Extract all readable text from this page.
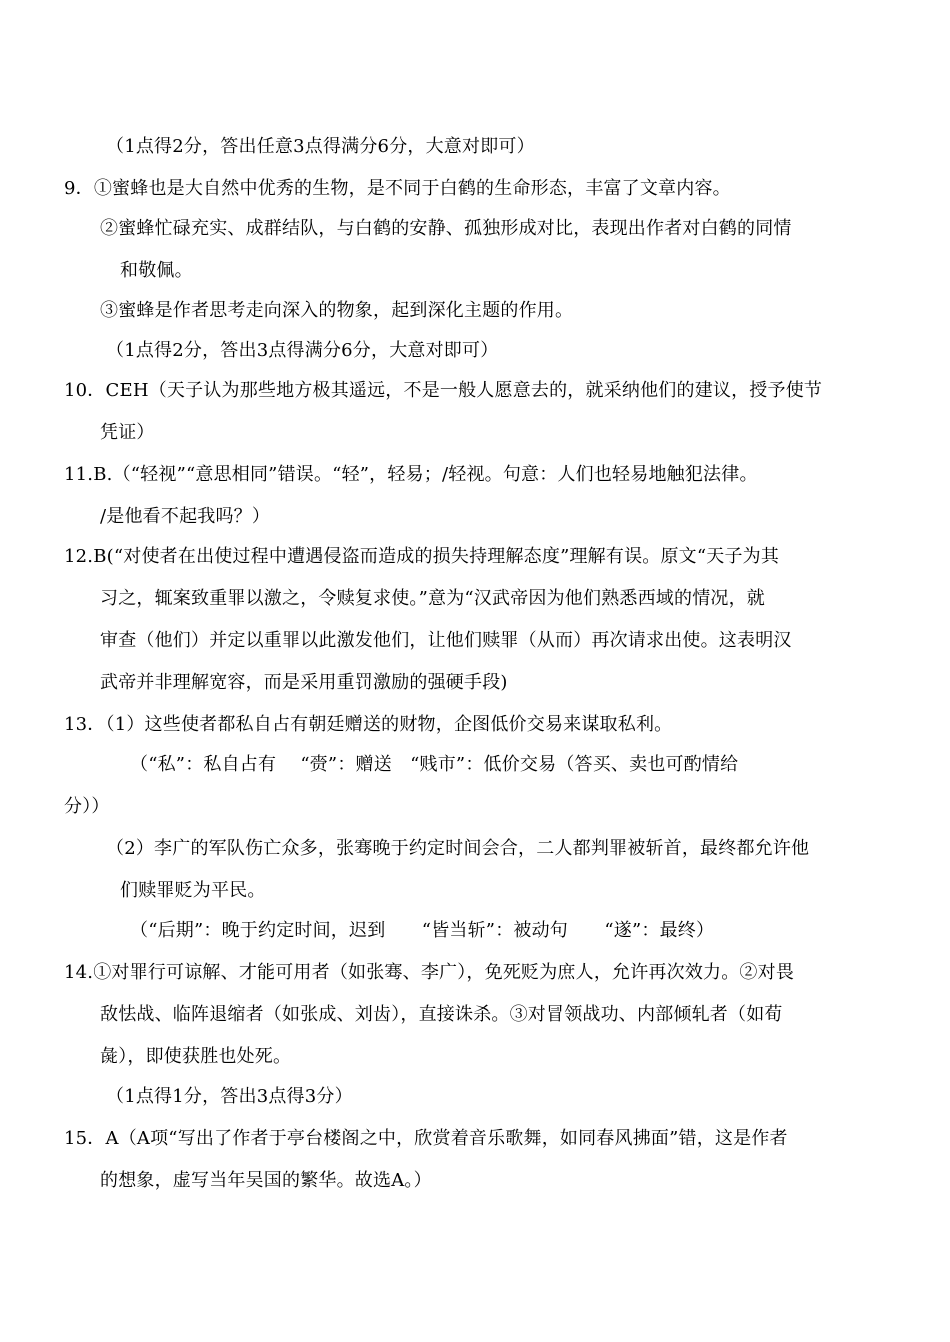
（1点得2分，答出任意3点得满分6分，大意对即可）
9．①蜜蜂也是大自然中优秀的生物，是不同于白鹤的生命形态，丰富了文章内容。
②蜜蜂忙碌充实、成群结队，与白鹤的安静、孤独形成对比，表现出作者对白鹤的同情
和敬佩。
③蜜蜂是作者思考走向深入的物象，起到深化主题的作用。
（1点得2分，答出3点得满分6分，大意对即可）
10．CEH（天子认为那些地方极其遥远，不是一般人愿意去的，就采纳他们的建议，授予使节
凭证）
11.B.（“轻视”“意思相同”错误。“轻”，轻易；/轻视。句意：人们也轻易地触犯法律。
/是他看不起我吗？）
12.B(“对使者在出使过程中遭遇侵盗而造成的损失持理解态度”理解有误。原文“天子为其
习之，辄案致重罪以激之，令赎复求使。”意为“汉武帝因为他们熟悉西域的情况，就
审查（他们）并定以重罪以此激发他们，让他们赎罪（从而）再次请求出使。这表明汉
武帝并非理解宽容，而是采用重罚激励的强硬手段)
13．（1）这些使者都私自占有朝廷赠送的财物，企图低价交易来谋取私利。
（“私”：私自占有　 “赍”：赠送　“贱市”：低价交易（答买、卖也可酌情给
分））
（2）李广的军队伤亡众多，张骞晚于约定时间会合，二人都判罪被斩首，最终都允许他
们赎罪贬为平民。
（“后期”：晚于约定时间，迟到　　“皆当斩”：被动句　　“遂”：最终）
14.①对罪行可谅解、才能可用者（如张骞、李广），免死贬为庶人，允许再次效力。②对畏
敌怯战、临阵退缩者（如张成、刘齿），直接诛杀。③对冒领战功、内部倾轧者（如荀
彘），即使获胜也处死。
（1点得1分，答出3点得3分）
15．A（A项“写出了作者于亭台楼阁之中，欣赏着音乐歌舞，如同春风拂面”错，这是作者
的想象，虚写当年吴国的繁华。故选A。）
